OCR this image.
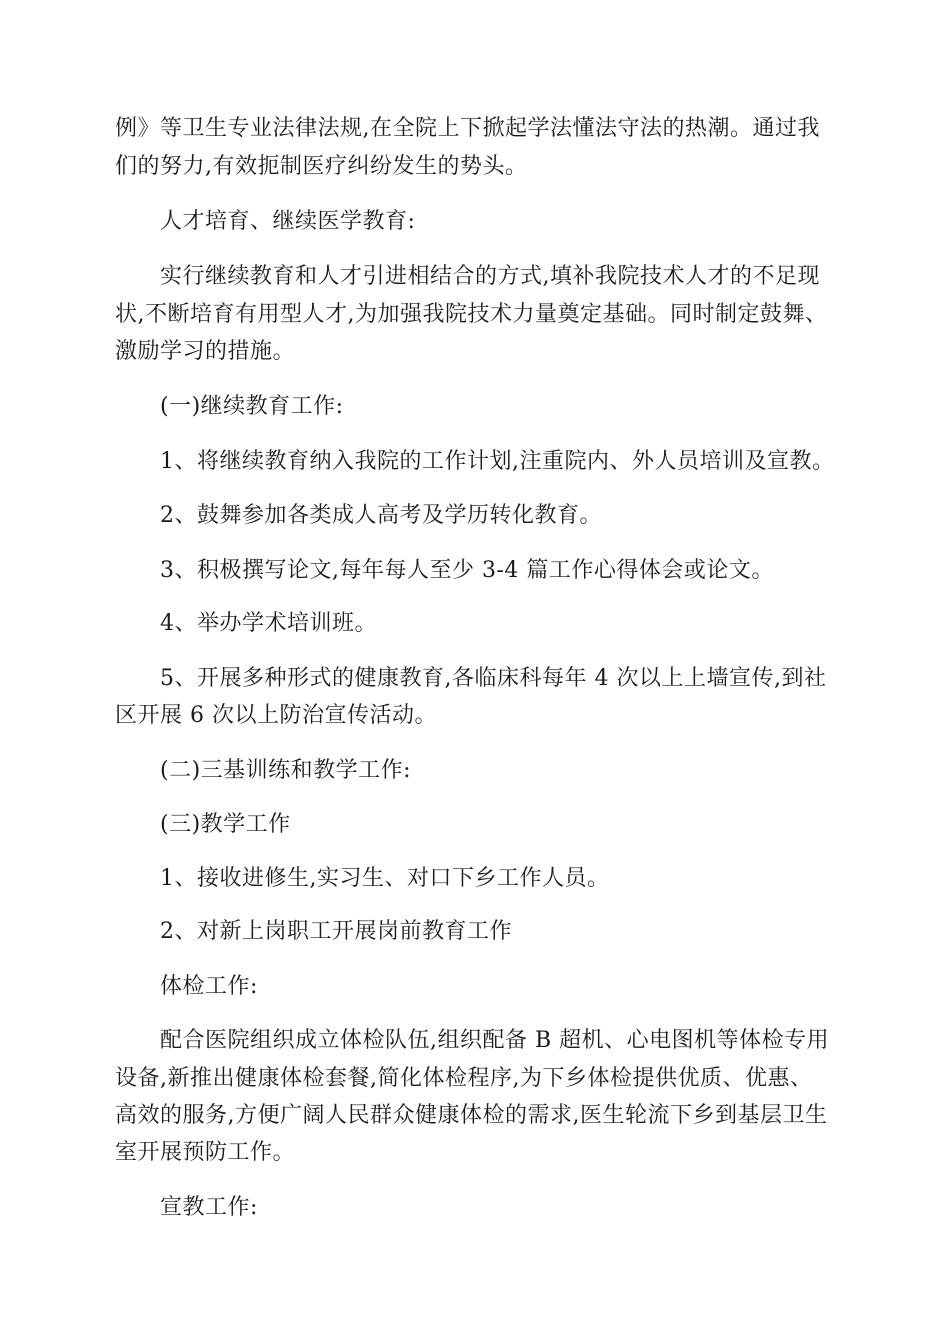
例》等卫生专业法律法规,在全院上下掀起学法懂法守法的热潮。通过我
们的努力,有效扼制医疗纠纷发生的势头。
人才培育、继续医学教育:
实行继续教育和人才引进相结合的方式,填补我院技术人才的不足现
状,不断培育有用型人才,为加强我院技术力量奠定基础。同时制定鼓舞、
激励学习的措施。
(一)继续教育工作:
1、将继续教育纳入我院的工作计划,注重院内、外人员培训及宣教。
2、鼓舞参加各类成人高考及学历转化教育。
3、积极撰写论文,每年每人至少 3-4 篇工作心得体会或论文。
4、举办学术培训班。
5、开展多种形式的健康教育,各临床科每年 4 次以上上墙宣传,到社
区开展 6 次以上防治宣传活动。
(二)三基训练和教学工作:
(三)教学工作
1、接收进修生,实习生、对口下乡工作人员。
2、对新上岗职工开展岗前教育工作
体检工作:
配合医院组织成立体检队伍,组织配备 B 超机、心电图机等体检专用
设备,新推出健康体检套餐,简化体检程序,为下乡体检提供优质、优惠、
高效的服务,方便广阔人民群众健康体检的需求,医生轮流下乡到基层卫生
室开展预防工作。
宣教工作:
